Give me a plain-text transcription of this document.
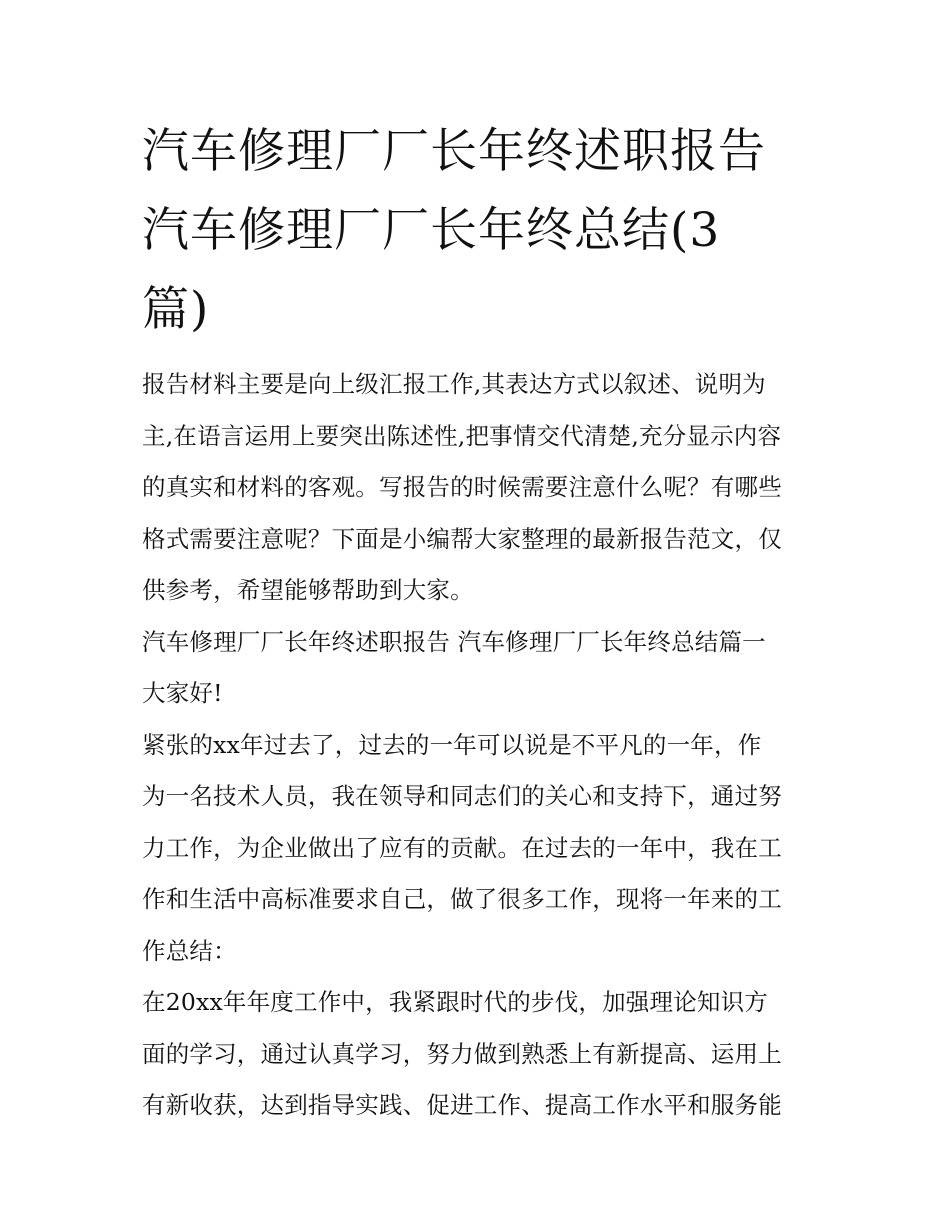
汽车修理厂厂长年终述职报告
汽车修理厂厂长年终总结(3
篇)
报告材料主要是向上级汇报工作,其表达方式以叙述、说明为
主,在语言运用上要突出陈述性,把事情交代清楚,充分显示内容
的真实和材料的客观。写报告的时候需要注意什么呢？有哪些
格式需要注意呢？下面是小编帮大家整理的最新报告范文，仅
供参考，希望能够帮助到大家。
汽车修理厂厂长年终述职报告 汽车修理厂厂长年终总结篇一
大家好!
紧张的xx年过去了，过去的一年可以说是不平凡的一年，作
为一名技术人员，我在领导和同志们的关心和支持下，通过努
力工作，为企业做出了应有的贡献。在过去的一年中，我在工
作和生活中高标准要求自己，做了很多工作，现将一年来的工
作总结：
在20xx年年度工作中，我紧跟时代的步伐，加强理论知识方
面的学习，通过认真学习，努力做到熟悉上有新提高、运用上
有新收获，达到指导实践、促进工作、提高工作水平和服务能
